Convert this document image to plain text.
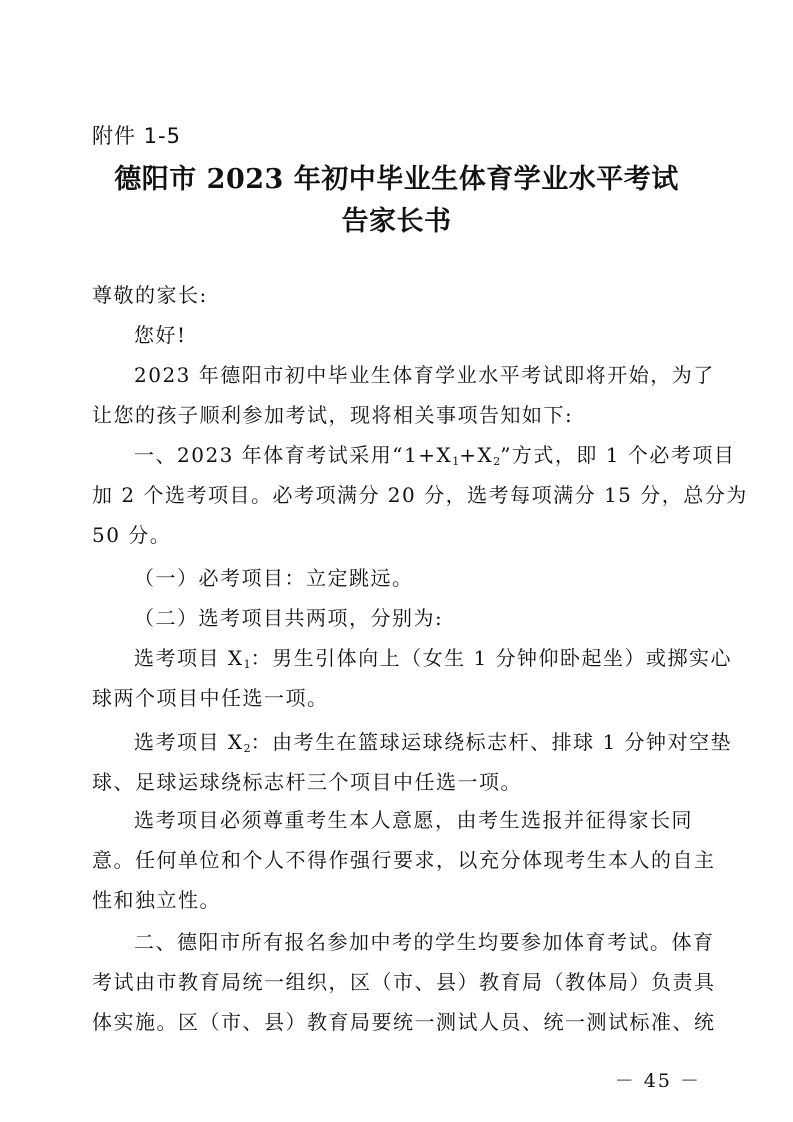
附件 1-5
德阳市 2023 年初中毕业生体育学业水平考试
告家长书
尊敬的家长:
您好!
2023 年德阳市初中毕业生体育学业水平考试即将开始，为了
让您的孩子顺利参加考试，现将相关事项告知如下:
一、2023 年体育考试采用“$1+X_1+X_2$”方式，即 1 个必考项目
加 2 个选考项目。必考项满分 20 分，选考每项满分 15 分，总分为
50 分。
（一）必考项目：立定跳远。
（二）选考项目共两项，分别为:
选考项目 $X_1$：男生引体向上（女生 1 分钟仰卧起坐）或掷实心
球两个项目中任选一项。
选考项目 $X_2$：由考生在篮球运球绕标志杆、排球 1 分钟对空垫
球、足球运球绕标志杆三个项目中任选一项。
选考项目必须尊重考生本人意愿，由考生选报并征得家长同
意。任何单位和个人不得作强行要求，以充分体现考生本人的自主
性和独立性。
二、德阳市所有报名参加中考的学生均要参加体育考试。体育
考试由市教育局统一组织，区（市、县）教育局（教体局）负责具
体实施。区（市、县）教育局要统一测试人员、统一测试标准、统
－ 45 －
